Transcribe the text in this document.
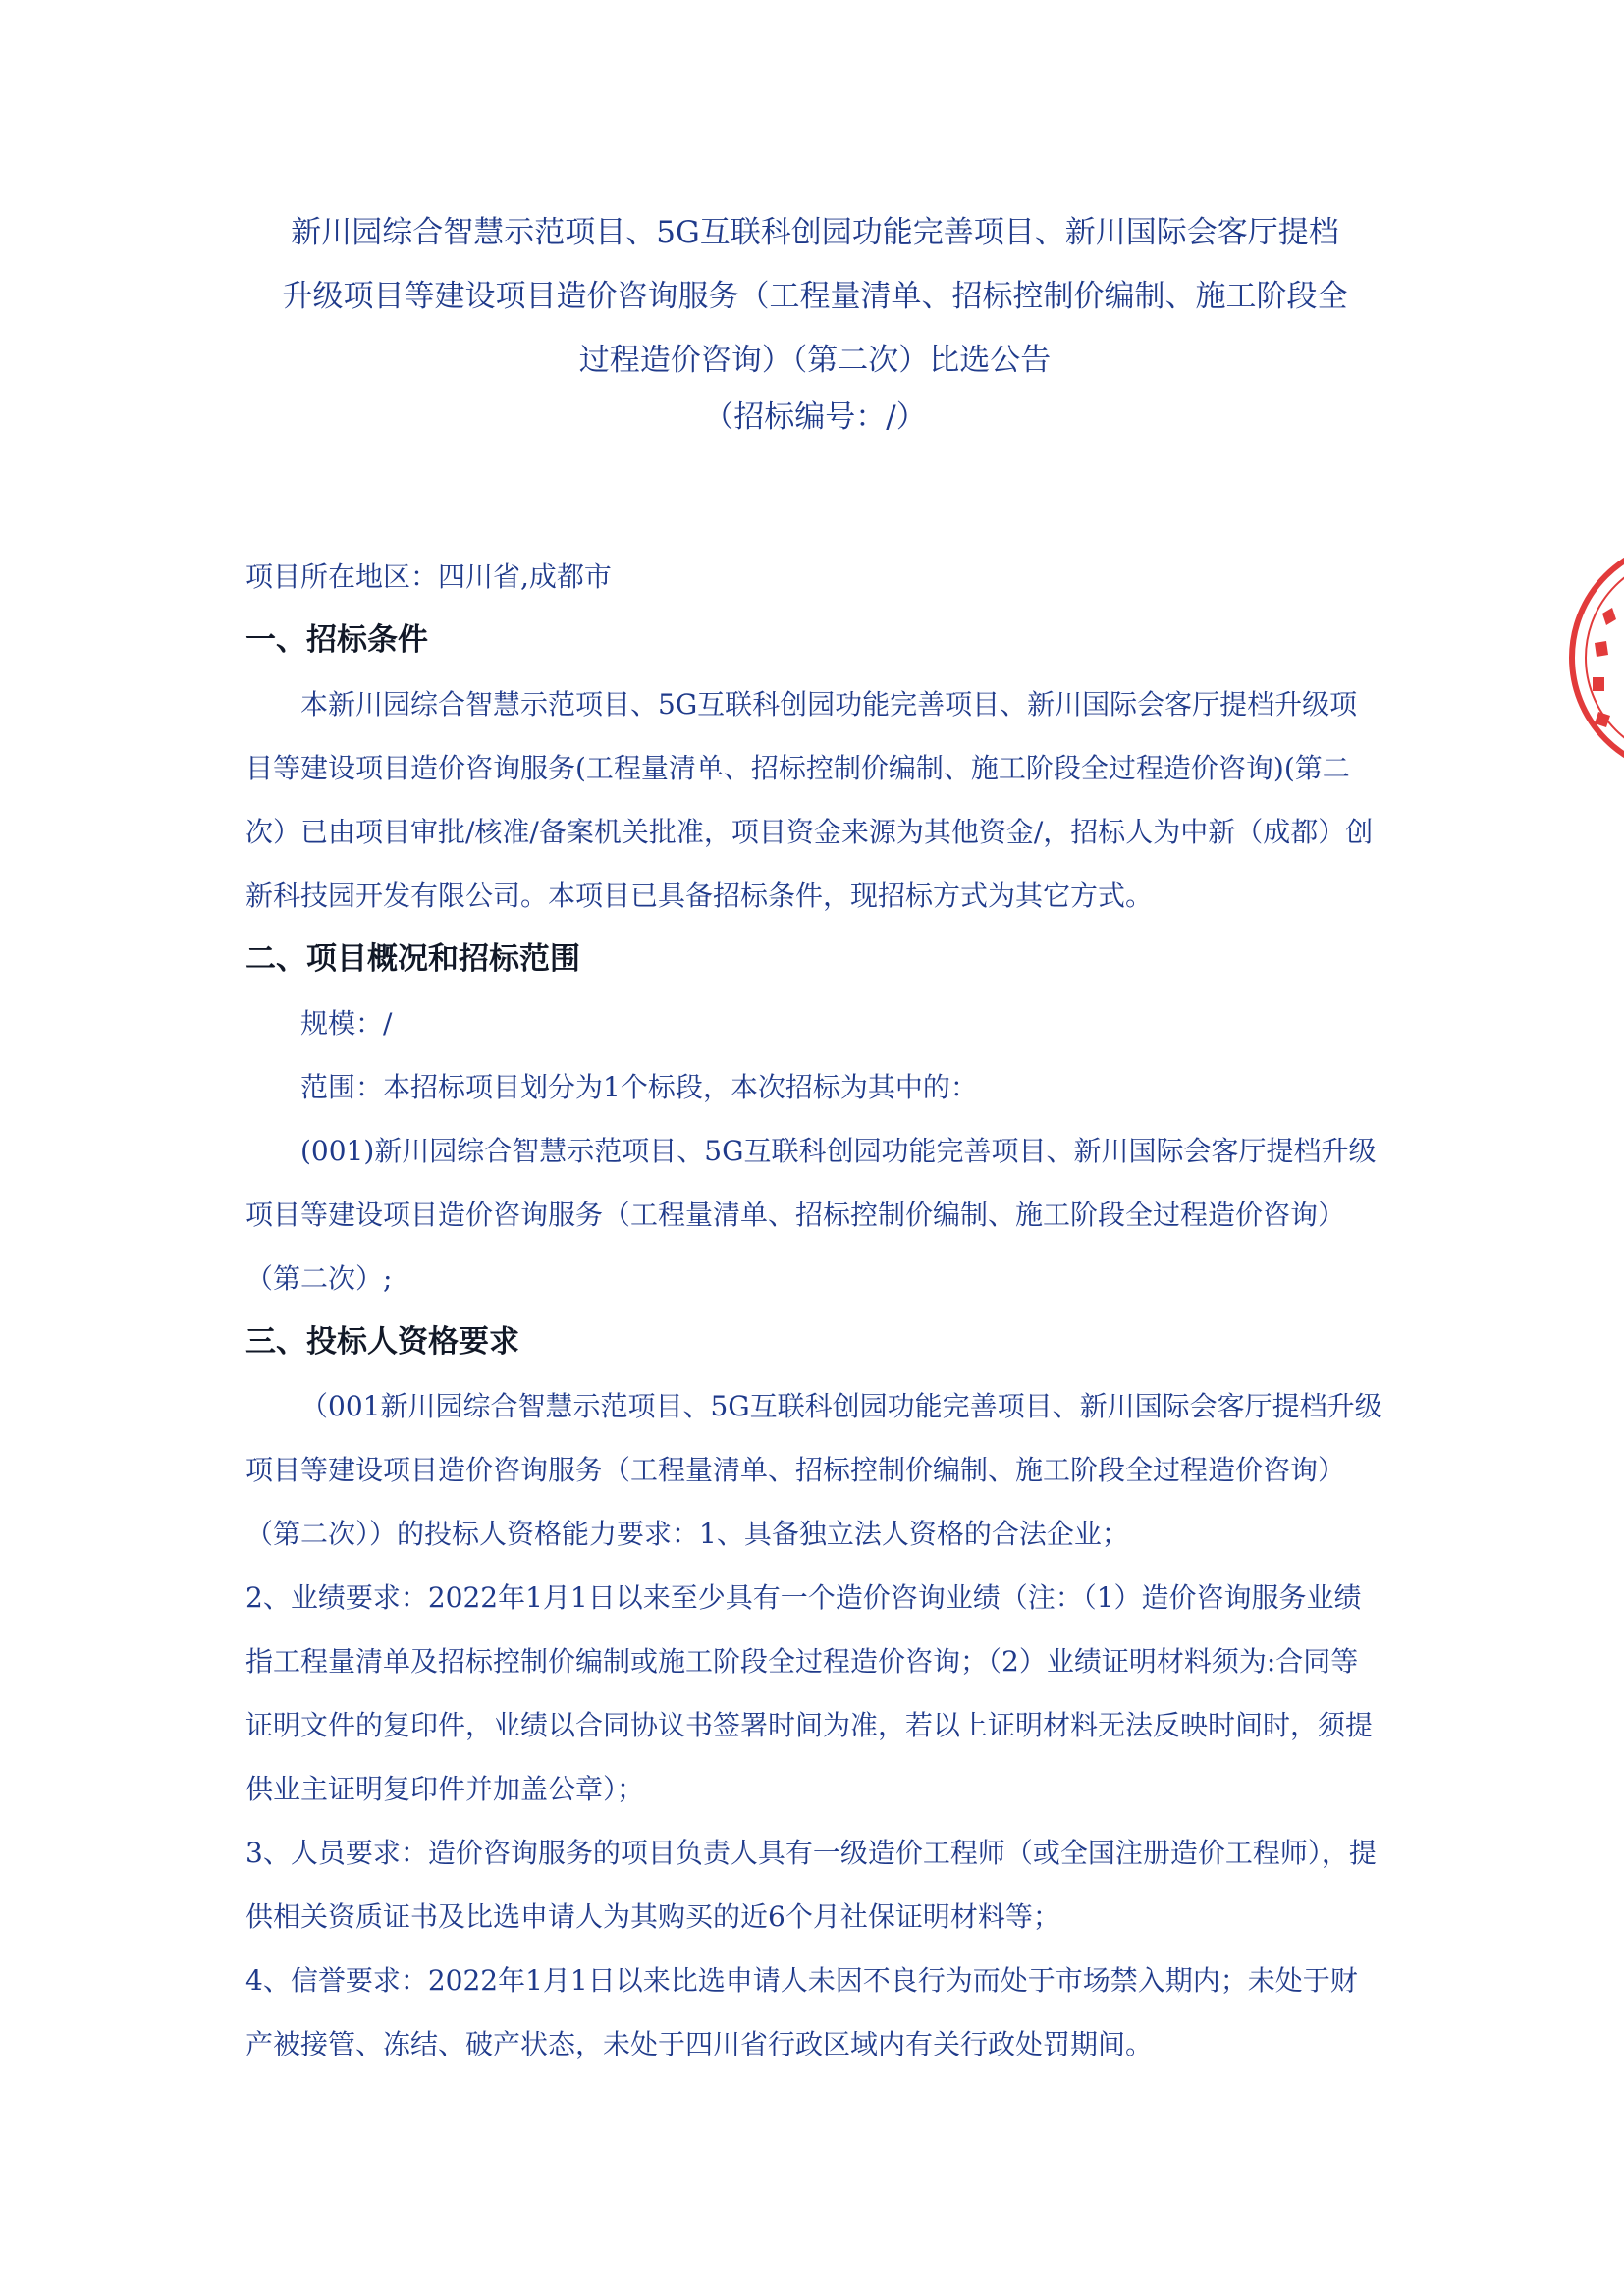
新川园综合智慧示范项目、5G互联科创园功能完善项目、新川国际会客厅提档
升级项目等建设项目造价咨询服务（工程量清单、招标控制价编制、施工阶段全
过程造价咨询）（第二次）比选公告
（招标编号：/）

项目所在地区：四川省,成都市

一、招标条件

本新川园综合智慧示范项目、5G互联科创园功能完善项目、新川国际会客厅提档升级项目等建设项目造价咨询服务(工程量清单、招标控制价编制、施工阶段全过程造价咨询)(第二次）已由项目审批/核准/备案机关批准，项目资金来源为其他资金/，招标人为中新（成都）创新科技园开发有限公司。本项目已具备招标条件，现招标方式为其它方式。

二、项目概况和招标范围

规模：/

范围：本招标项目划分为1个标段，本次招标为其中的：

(001)新川园综合智慧示范项目、5G互联科创园功能完善项目、新川国际会客厅提档升级项目等建设项目造价咨询服务（工程量清单、招标控制价编制、施工阶段全过程造价咨询）（第二次）;

三、投标人资格要求

（001新川园综合智慧示范项目、5G互联科创园功能完善项目、新川国际会客厅提档升级项目等建设项目造价咨询服务（工程量清单、招标控制价编制、施工阶段全过程造价咨询）（第二次））的投标人资格能力要求：1、具备独立法人资格的合法企业；

2、业绩要求：2022年1月1日以来至少具有一个造价咨询业绩（注：（1）造价咨询服务业绩指工程量清单及招标控制价编制或施工阶段全过程造价咨询；（2）业绩证明材料须为:合同等证明文件的复印件，业绩以合同协议书签署时间为准，若以上证明材料无法反映时间时，须提供业主证明复印件并加盖公章）；

3、人员要求：造价咨询服务的项目负责人具有一级造价工程师（或全国注册造价工程师），提供相关资质证书及比选申请人为其购买的近6个月社保证明材料等；

4、信誉要求：2022年1月1日以来比选申请人未因不良行为而处于市场禁入期内；未处于财产被接管、冻结、破产状态，未处于四川省行政区域内有关行政处罚期间。
